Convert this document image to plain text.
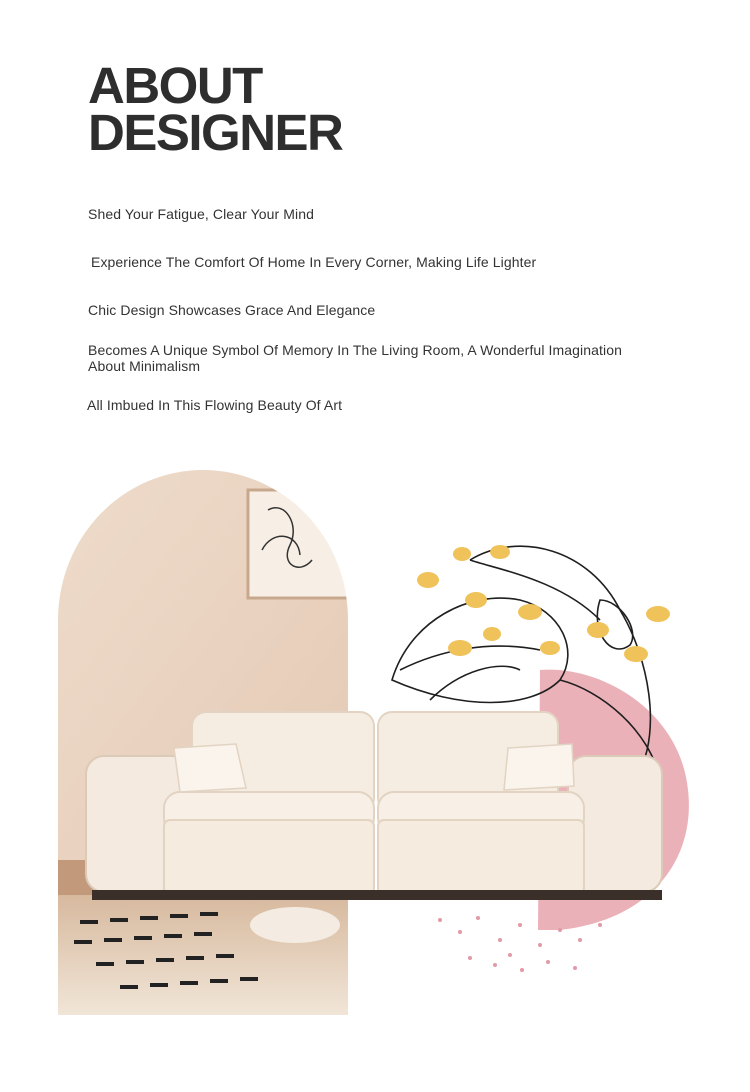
ABOUT
DESIGNER
Shed Your Fatigue, Clear Your Mind
Experience The Comfort Of Home In Every Corner, Making Life Lighter
Chic Design Showcases Grace And Elegance
Becomes A Unique Symbol Of Memory In The Living Room, A Wonderful Imagination About Minimalism
All Imbued In This Flowing Beauty Of Art
